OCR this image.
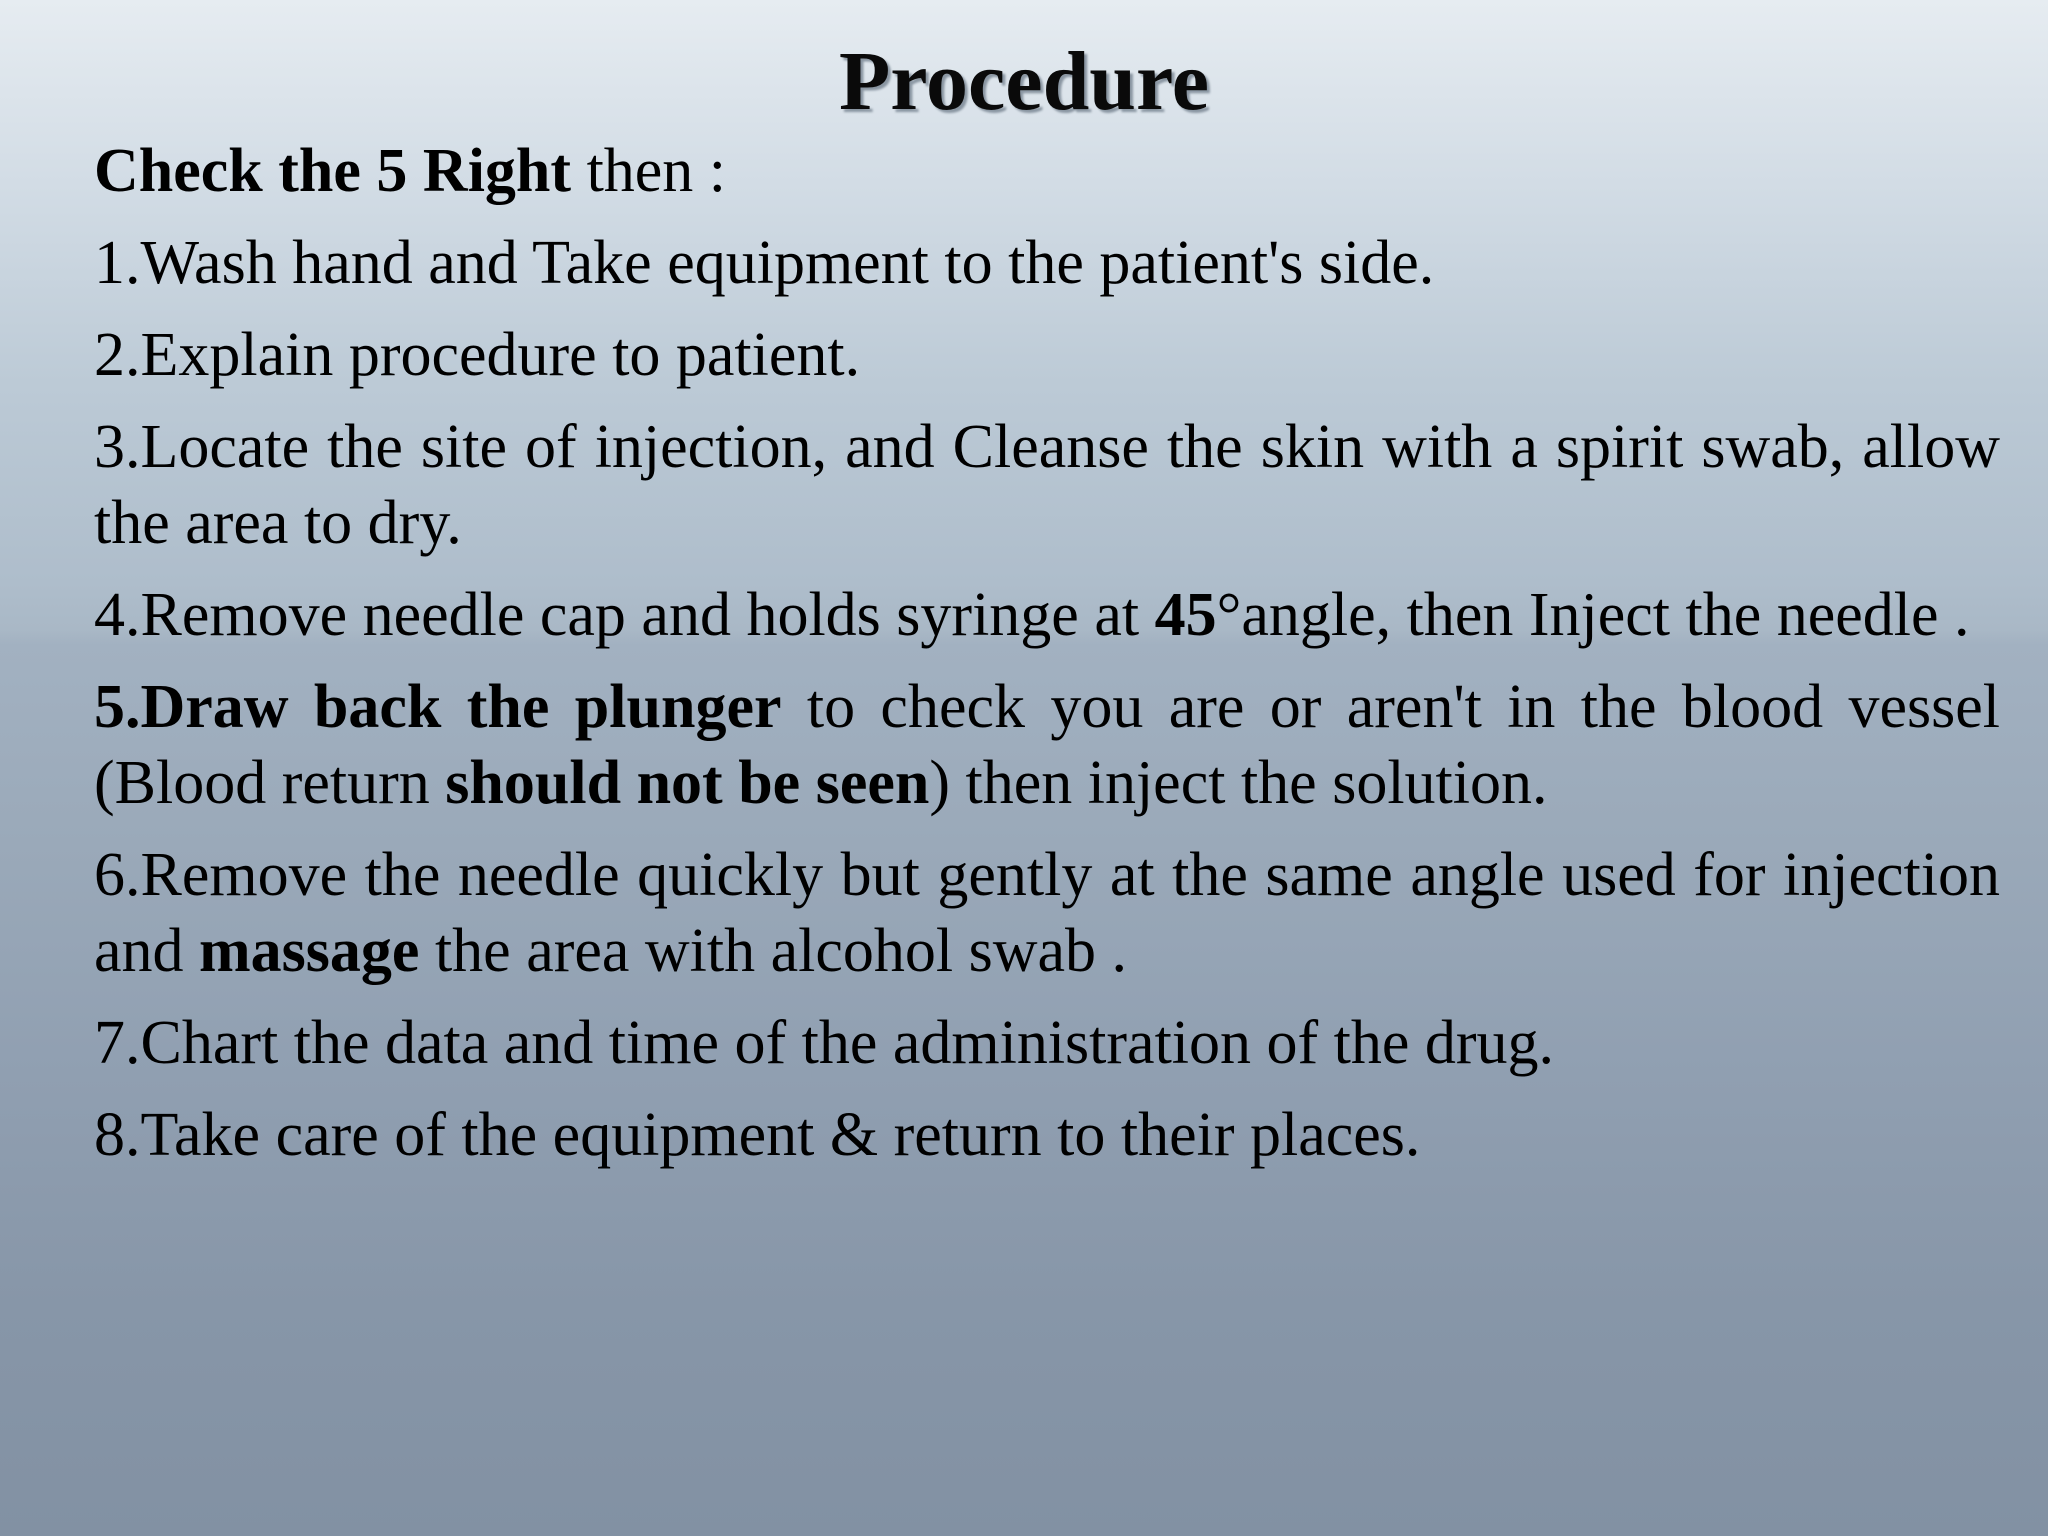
Procedure

Check the 5 Right then :

1.Wash hand and Take equipment to the patient's side.
2.Explain procedure to patient.
3.Locate the site of injection, and Cleanse the skin with a spirit swab, allow the area to dry.
4.Remove needle cap and holds syringe at 45°angle, then Inject the needle .
5.Draw back the plunger to check you are or aren't in the blood vessel (Blood return should not be seen) then inject the solution.
6.Remove the needle quickly but gently at the same angle used for injection and massage the area with alcohol swab .
7.Chart the data and time of the administration of the drug.
8.Take care of the equipment & return to their places.
